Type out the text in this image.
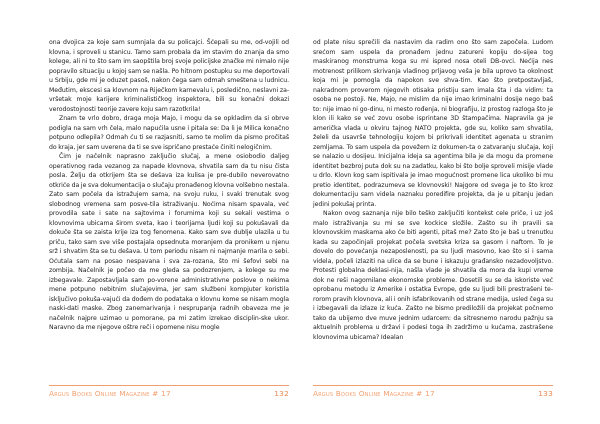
ona dvojica za koje sam sumnjala da su policajci. Šćepali su me, od-vojili od klovna, i sproveli u stanicu. Tamo sam probala da im stavim do znanja da smo kolege, ali ni to što sam im saopštila broj svoje policijske značke mi nimalo nije popravilo situaciju u kojoj sam se našla. Po hitnom postupku su me deportovali u Srbiju, gde mi je oduzet pasoš, nakon čega sam odmah smeštena u ludnicu. Međutim, ekscesi sa klovnom na Riječkom karnevalu i, posledično, neslavni za-vršetak moje karijere kriminalističkog inspektora, bili su konačni dokazi verodostojnosti teorije zavere koju sam razotkrila!

Znam te vrlo dobro, draga moja Majo, i mogu da se opkladim da si obrve podigla na sam vrh čela, malo napućila usne i pitala se: Da li je Milica konačno potpuno odlepila? Odmah ću ti se razjasniti, samo te molim da pismo pročitaš do kraja, jer sam uverena da ti se sve ispričano prestaće činiti nelogičnim.

Čim je načelnik naprasno zaključio slučaj, a mene osiobodio daljeg operativnog rada vezanog za napade klovnova, shvatila sam da tu nisu čista posla. Želju da otkrijem šta se dešava iza kulisa je pre-dubilo neverovatno otkriće da je sva dokumentacija o slučaju pronađenog klovna volšebno nestala. Zato sam počela da istražujem sama, na svoju ruku, i svaki trenutak svog slobodnog vremena sam posve-tila istraživanju. Noćima nisam spavala, već provodila sate i sate na sajtovima i forumima koji su sekali vestima o klovnovima ubicama širom sveta, kao i teorijama ljudi koji su pokušavali da dokuče šta se zaista krije iza tog fenomena. Kako sam sve dublje ulazila u tu priču, tako sam sve više postajala opsednuta moranjem da pronikem u njenu srž i shvatim šta se tu dešava. U tom periodu nisam ni najmanje marila o sebi. Oćutala sam na posao nespavana i sva za-rozana, što mi šefovi sebi na zombija. Načelnik je počeo da me gleda sa podozrenjem, a kolege su me izbegavale. Zapostavljala sam po-vorene administrativne poslove o nekima mene potpuno nebitnim slučajevima, jer sam službeni kompjuter koristila isključivo pokuša-vajući da dođem do podataka o klovnu kome se nisam mogla naski-dati maske. Zbog zanemarivanja i nesprupanja radnih obaveza me je načelnik najpre uzimao u pomorane, pa mi zatim izrekao disciplin-ske ukor. Naravno da me njegove oštre reči i opomene nisu mogle

Argus Books Online Magazine # 17	132

od plate nisu sprečili da nastavim da radim ono što sam započela. Ludom srećom sam uspela da pronađem jednu zatureni kopiju do-sijea tog maskiranog monstruma koga su mi ispred nosa oteli DB-ovci. Nećija nes motrenost prilikom skrivanja vladinog prljavog veša je bila uprovo ta okolnost koja mi je pomogla da napokon sve shva-tim. Kao što pretpostavljaš, nakradnom proverom njegovih otisaka pristiju sam imala šta i da vidim: ta osoba ne postoji. Ne, Majo, ne mislim da nije imao kriminalni dosije nego baš to: nije imao ni go-dinu, ni mesto rođenja, ni biografiju, iz prostog razloga što je klon ili kako se već zovu osobe isprintane 3D štampačima. Napravila ga je američka vlada u okviru tajnog NATO projekta, gde su, koliko sam shvatila, želeli da usavrše tehnologiju kojom bi prikrivali identitet agenata u stranim zemljama. To sam uspela da povežem iz dokumen-ta o zatvaranju slučaja, koji se nalazio u dosijeu. Inicijalna ideja sa agentima bila je da mogu da promene identitet bezbroj puta dok su na zadatku, kako bi što bolje sproveli misije vlade u drlo. Klovn kog sam ispitivala je imao mogućnost promene lica ukoliko bi mu pretio identitet, podrazumeva se klovnovski! Najgore od svega je to što kroz dokumentaciju sam videla naznaku poredifire projekta, da je u pitanju jedan jedini pokušaj printa.

Nakon ovog saznanja nije bilo teško zaključiti kontekst cele priče, i uz još malo istraživanja su mi se sve kockice složile. Zašto su ih pravili sa klovnovskim maskama ako će biti agenti, pitaš me? Zato što je baš u trenutku kada su započinjali projekat počela svetska kriza sa gasom i naftom. To je dovelo do povećanja nezaposlenosti, pa su ljudi masovno, kao što si i sama videla, počeli izlaziti na ulice da se bune i iskazuju građansko nezadovoljstvo. Protesti globalna deklasi-nija, našla vlade je shvatila da mora da kupi vreme dok ne reši nagomilane ekonomske probleme. Dosetili su se da iskoriste već oprobanu metodu iz Amerike i ostatka Evrope, gde su ljudi bili prestrašeni te-rorom pravih klovnova, ali i onih isfabrikovanih od strane medija, usled čega su i izbegavali da izlaze iz kuća. Zašto ne bismo prediložili da projekat počnemo tako da ubijemo dve muve jednim udarcem: da sitresnemo narodu pažnju sa aktuelnih problema u državi i podesi toga ih zadržimo u kućama, zastrašene klovnovima ubicama? Idealan

Argus Books Online Magazine # 17	133
